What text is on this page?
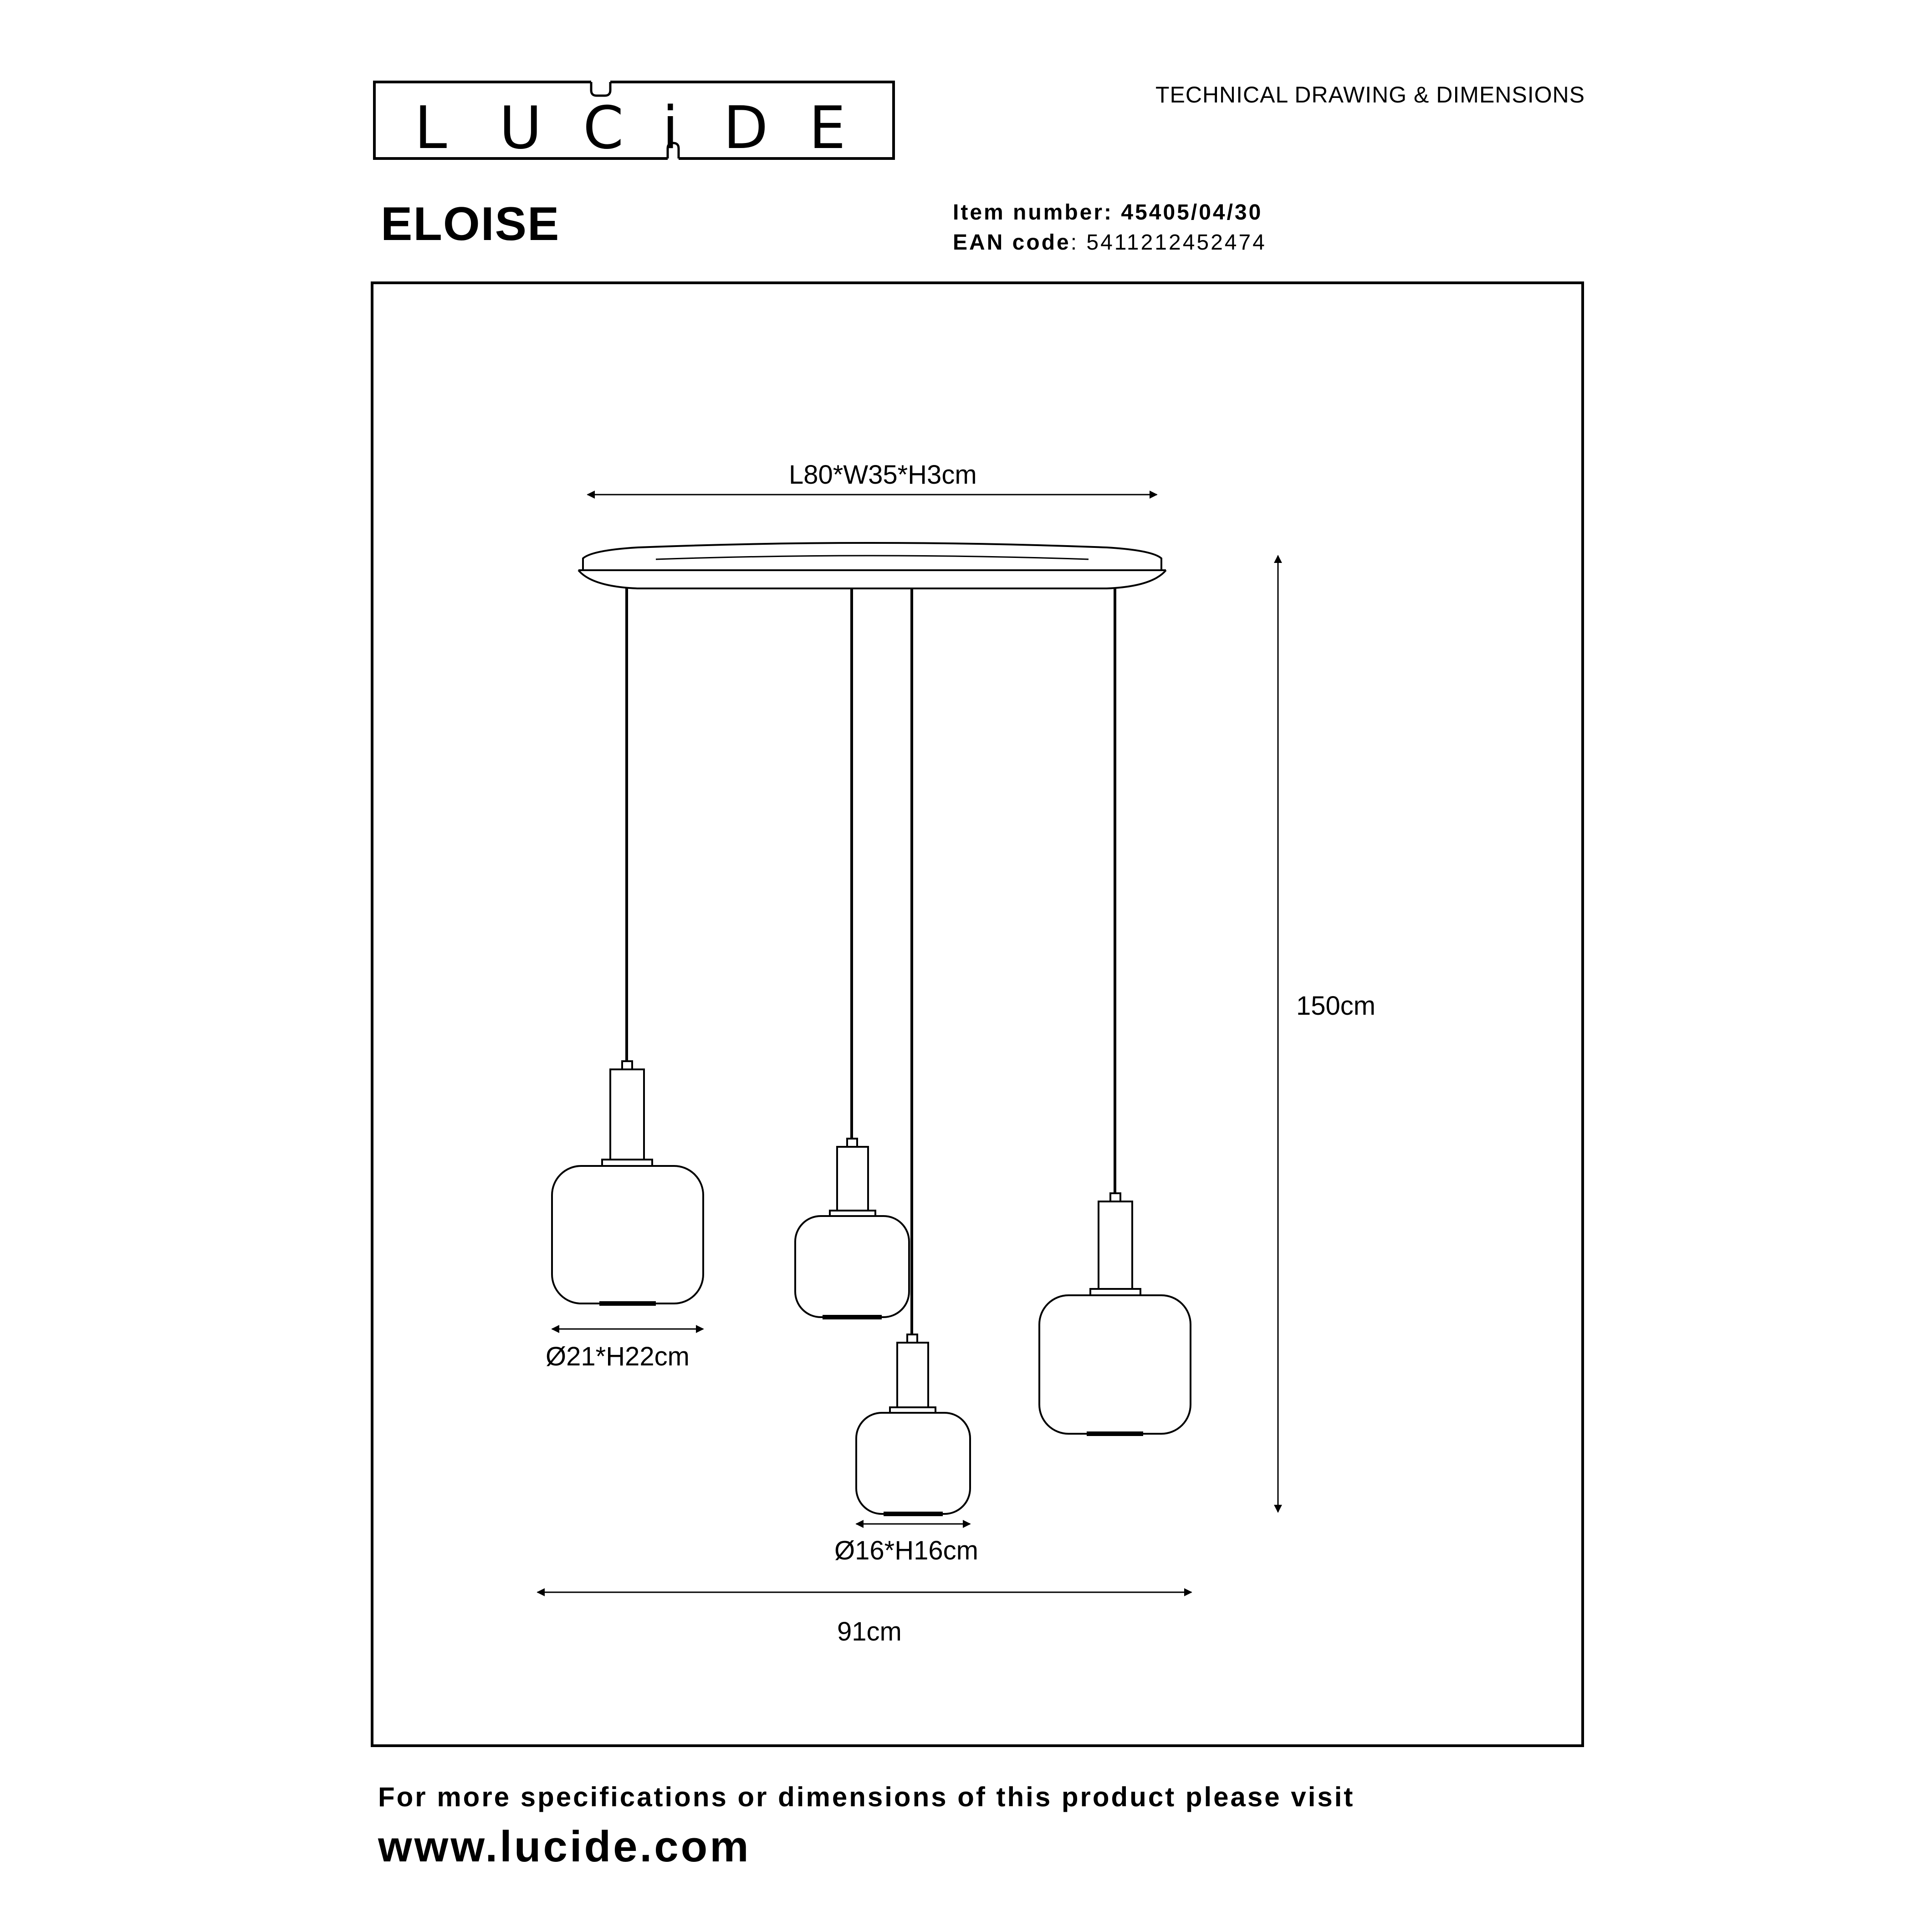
L U C i D E	TECHNICAL DRAWING & DIMENSIONS
ELOISE	Item number: 45405/04/30
EAN code: 5411212452474
L80*W35*H3cm
150cm
Ø21*H22cm
Ø16*H16cm
91cm
For more specifications or dimensions of this product please visit
www.lucide.com
